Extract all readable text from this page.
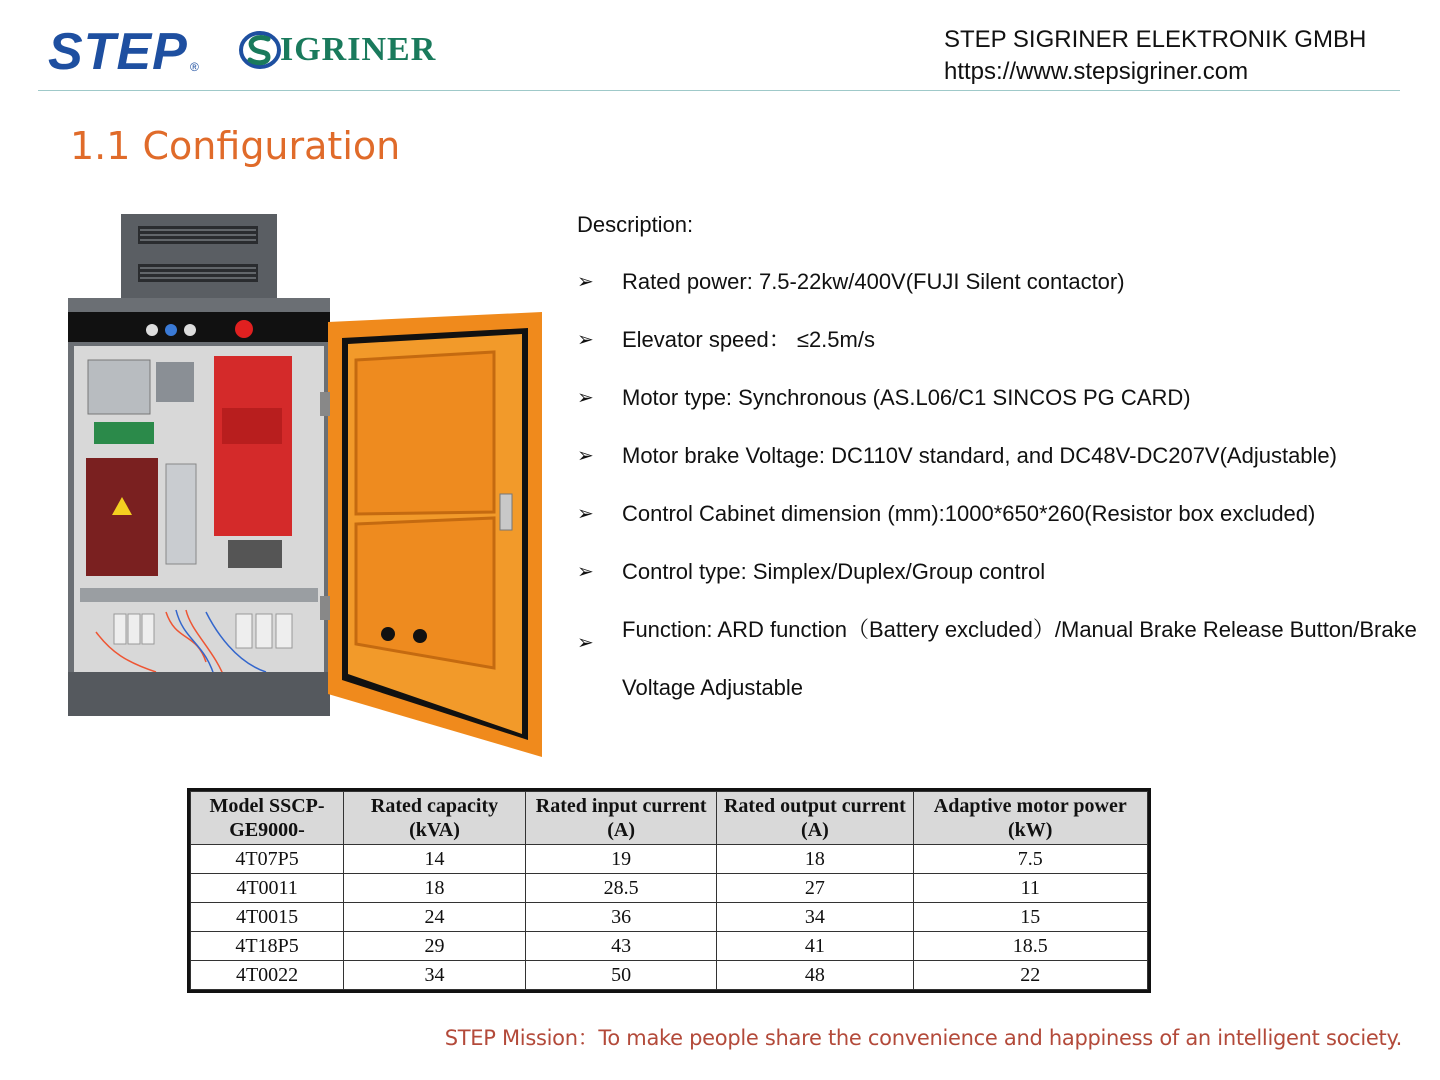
STEP ® IGRINER	STEP SIGRINER ELEKTRONIK GMBH
https://www.stepsigriner.com
1.1 Configuration
Description:
➢ Rated power: 7.5-22kw/400V(FUJI Silent contactor)
➢ Elevator speed： ≤2.5m/s
➢ Motor type: Synchronous (AS.L06/C1 SINCOS PG CARD)
➢ Motor brake Voltage: DC110V standard, and DC48V-DC207V(Adjustable)
➢ Control Cabinet dimension (mm):1000*650*260(Resistor box excluded)
➢ Control type: Simplex/Duplex/Group control
➢
Function: ARD function（Battery excluded）/Manual Brake Release Button/Brake Voltage Adjustable
Model SSCP-GE9000-	Rated capacity (kVA)	Rated input current (A)	Rated output current (A)	Adaptive motor power (kW)
4T07P5	14	19	18	7.5
4T0011	18	28.5	27	11
4T0015	24	36	34	15
4T18P5	29	43	41	18.5
4T0022	34	50	48	22
STEP Mission：To make people share the convenience and happiness of an intelligent society.
